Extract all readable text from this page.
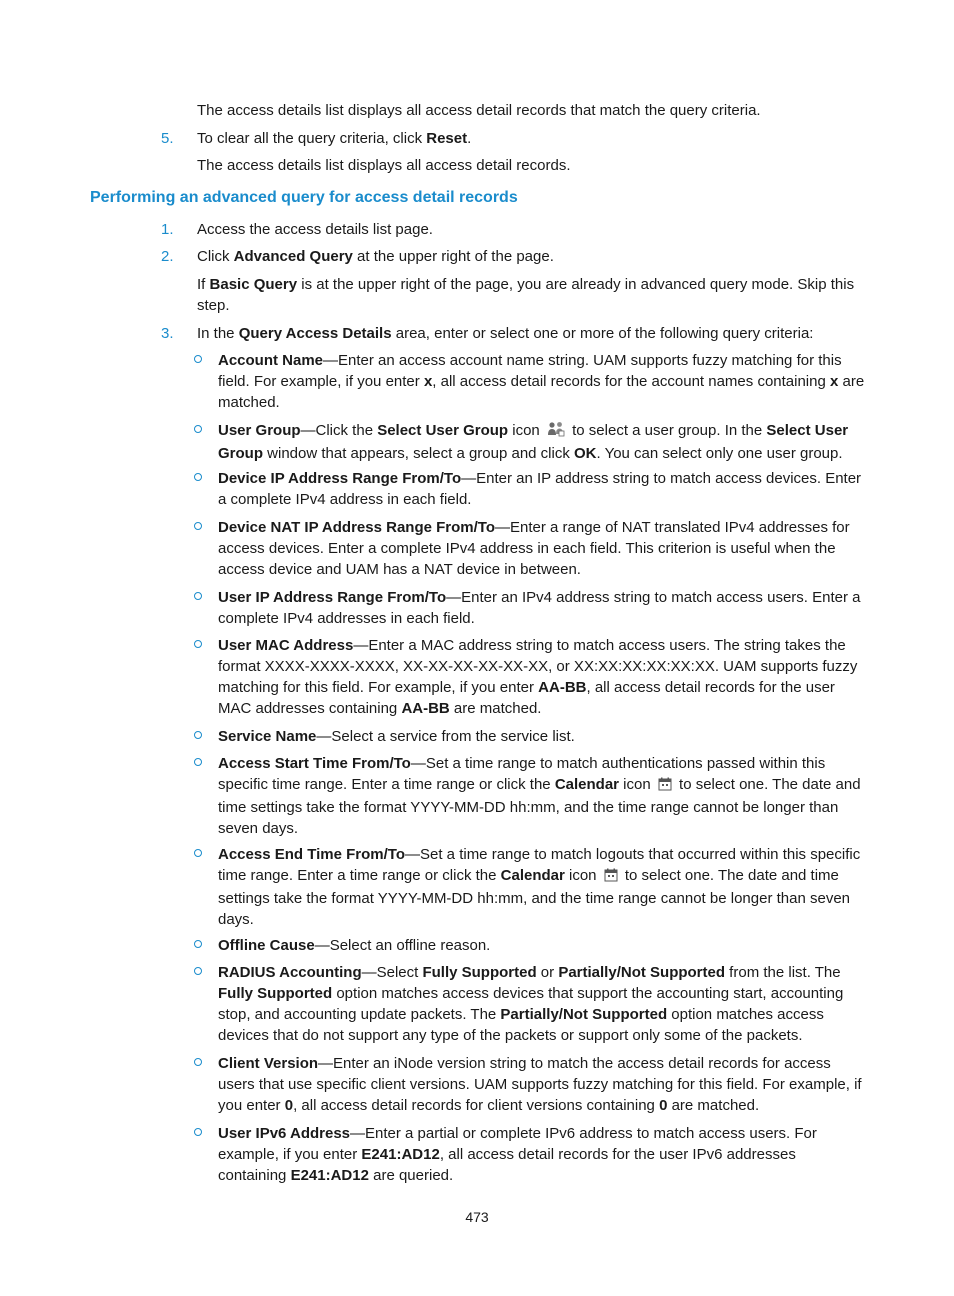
The access details list displays all access detail records that match the query criteria.
5. To clear all the query criteria, click Reset.
The access details list displays all access detail records.
Performing an advanced query for access detail records
1. Access the access details list page.
2. Click Advanced Query at the upper right of the page.
If Basic Query is at the upper right of the page, you are already in advanced query mode. Skip this step.
3. In the Query Access Details area, enter or select one or more of the following query criteria:
Account Name—Enter an access account name string. UAM supports fuzzy matching for this field. For example, if you enter x, all access detail records for the account names containing x are matched.
User Group—Click the Select User Group icon  to select a user group. In the Select User Group window that appears, select a group and click OK. You can select only one user group.
Device IP Address Range From/To—Enter an IP address string to match access devices. Enter a complete IPv4 address in each field.
Device NAT IP Address Range From/To—Enter a range of NAT translated IPv4 addresses for access devices. Enter a complete IPv4 address in each field. This criterion is useful when the access device and UAM has a NAT device in between.
User IP Address Range From/To—Enter an IPv4 address string to match access users. Enter a complete IPv4 addresses in each field.
User MAC Address—Enter a MAC address string to match access users. The string takes the format XXXX-XXXX-XXXX, XX-XX-XX-XX-XX-XX, or XX:XX:XX:XX:XX:XX. UAM supports fuzzy matching for this field. For example, if you enter AA-BB, all access detail records for the user MAC addresses containing AA-BB are matched.
Service Name—Select a service from the service list.
Access Start Time From/To—Set a time range to match authentications passed within this specific time range. Enter a time range or click the Calendar icon  to select one. The date and time settings take the format YYYY-MM-DD hh:mm, and the time range cannot be longer than seven days.
Access End Time From/To—Set a time range to match logouts that occurred within this specific time range. Enter a time range or click the Calendar icon  to select one. The date and time settings take the format YYYY-MM-DD hh:mm, and the time range cannot be longer than seven days.
Offline Cause—Select an offline reason.
RADIUS Accounting—Select Fully Supported or Partially/Not Supported from the list. The Fully Supported option matches access devices that support the accounting start, accounting stop, and accounting update packets. The Partially/Not Supported option matches access devices that do not support any type of the packets or support only some of the packets.
Client Version—Enter an iNode version string to match the access detail records for access users that use specific client versions. UAM supports fuzzy matching for this field. For example, if you enter 0, all access detail records for client versions containing 0 are matched.
User IPv6 Address—Enter a partial or complete IPv6 address to match access users. For example, if you enter E241:AD12, all access detail records for the user IPv6 addresses containing E241:AD12 are queried.
473
